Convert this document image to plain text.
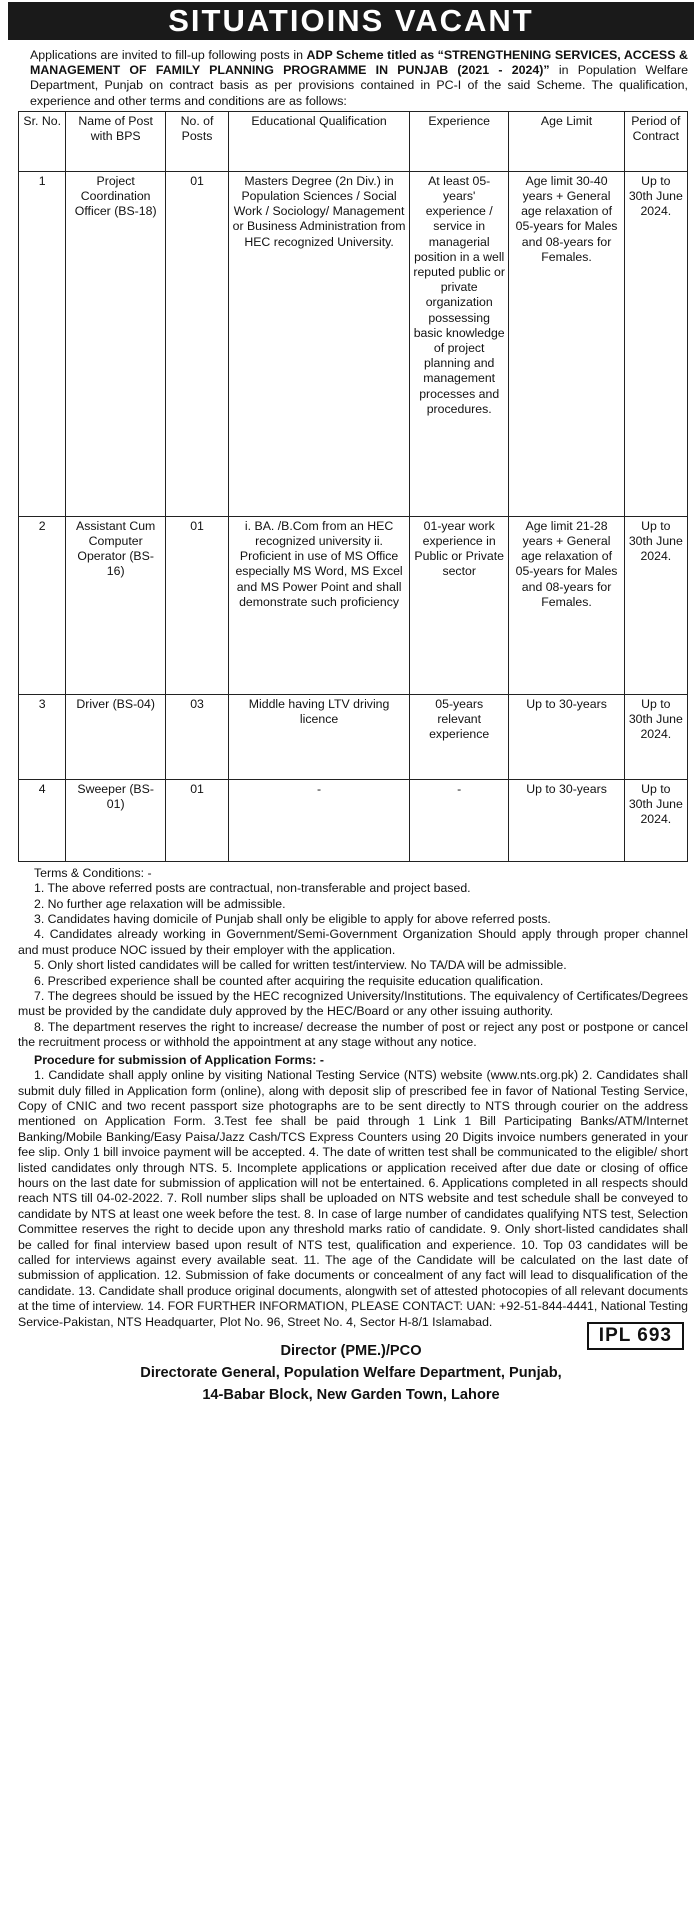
SITUATIOINS VACANT
Applications are invited to fill-up following posts in ADP Scheme titled as “STRENGTHENING SERVICES, ACCESS & MANAGEMENT OF FAMILY PLANNING PROGRAMME IN PUNJAB (2021 - 2024)” in Population Welfare Department, Punjab on contract basis as per provisions contained in PC-I of the said Scheme. The qualification, experience and other terms and conditions are as follows:
Sr. No.	Name of Post with BPS	No. of Posts	Educational Qualification	Experience	Age Limit	Period of Contract
1	Project Coordination Officer (BS-18)	01	Masters Degree (2n Div.) in Population Sciences / Social Work / Sociology/ Management or Business Administration from HEC recognized University.	At least 05-years' experience / service in managerial position in a well reputed public or private organization possessing basic knowledge of project planning and management processes and procedures.	Age limit 30-40 years + General age relaxation of 05-years for Males and 08-years for Females.	Up to 30th June 2024.
2	Assistant Cum Computer Operator (BS-16)	01	i. BA. /B.Com from an HEC recognized university ii. Proficient in use of MS Office especially MS Word, MS Excel and MS Power Point and shall demonstrate such proficiency	01-year work experience in Public or Private sector	Age limit 21-28 years + General age relaxation of 05-years for Males and 08-years for Females.	Up to 30th June 2024.
3	Driver (BS-04)	03	Middle having LTV driving licence	05-years relevant experience	Up to 30-years	Up to 30th June 2024.
4	Sweeper (BS-01)	01	-	-	Up to 30-years	Up to 30th June 2024.

Terms & Conditions: -

1. The above referred posts are contractual, non-transferable and project based.

2. No further age relaxation will be admissible.

3. Candidates having domicile of Punjab shall only be eligible to apply for above referred posts.

4. Candidates already working in Government/Semi-Government Organization Should apply through proper channel and must produce NOC issued by their employer with the application.

5. Only short listed candidates will be called for written test/interview. No TA/DA will be admissible.

6. Prescribed experience shall be counted after acquiring the requisite education qualification.

7. The degrees should be issued by the HEC recognized University/Institutions. The equivalency of Certificates/Degrees must be provided by the candidate duly approved by the HEC/Board or any other issuing authority.

8. The department reserves the right to increase/ decrease the number of post or reject any post or postpone or cancel the recruitment process or withhold the appointment at any stage without any notice.

Procedure for submission of Application Forms: -

1. Candidate shall apply online by visiting National Testing Service (NTS) website (www.nts.org.pk) 2. Candidates shall submit duly filled in Application form (online), along with deposit slip of prescribed fee in favor of National Testing Service, Copy of CNIC and two recent passport size photographs are to be sent directly to NTS through courier on the address mentioned on Application Form. 3.Test fee shall be paid through 1 Link 1 Bill Participating Banks/ATM/Internet Banking/Mobile Banking/Easy Paisa/Jazz Cash/TCS Express Counters using 20 Digits invoice numbers generated in your fee slip. Only 1 bill invoice payment will be accepted. 4. The date of written test shall be communicated to the eligible/ short listed candidates only through NTS. 5. Incomplete applications or application received after due date or closing of office hours on the last date for submission of application will not be entertained. 6. Applications completed in all respects should reach NTS till 04-02-2022. 7. Roll number slips shall be uploaded on NTS website and test schedule shall be conveyed to candidate by NTS at least one week before the test. 8. In case of large number of candidates qualifying NTS test, Selection Committee reserves the right to decide upon any threshold marks ratio of candidate. 9. Only short-listed candidates shall be called for final interview based upon result of NTS test, qualification and experience. 10. Top 03 candidates will be called for interviews against every available seat. 11. The age of the Candidate will be calculated on the last date of submission of application. 12. Submission of fake documents or concealment of any fact will lead to disqualification of the candidate. 13. Candidate shall produce original documents, alongwith set of attested photocopies of all relevant documents at the time of interview. 14. FOR FURTHER INFORMATION, PLEASE CONTACT: UAN: +92-51-844-4441, National Testing Service-Pakistan, NTS Headquarter, Plot No. 96, Street No. 4, Sector H-8/1 Islamabad.

IPL 693
Director (PME.)/PCO
Directorate General, Population Welfare Department, Punjab,
14-Babar Block, New Garden Town, Lahore
